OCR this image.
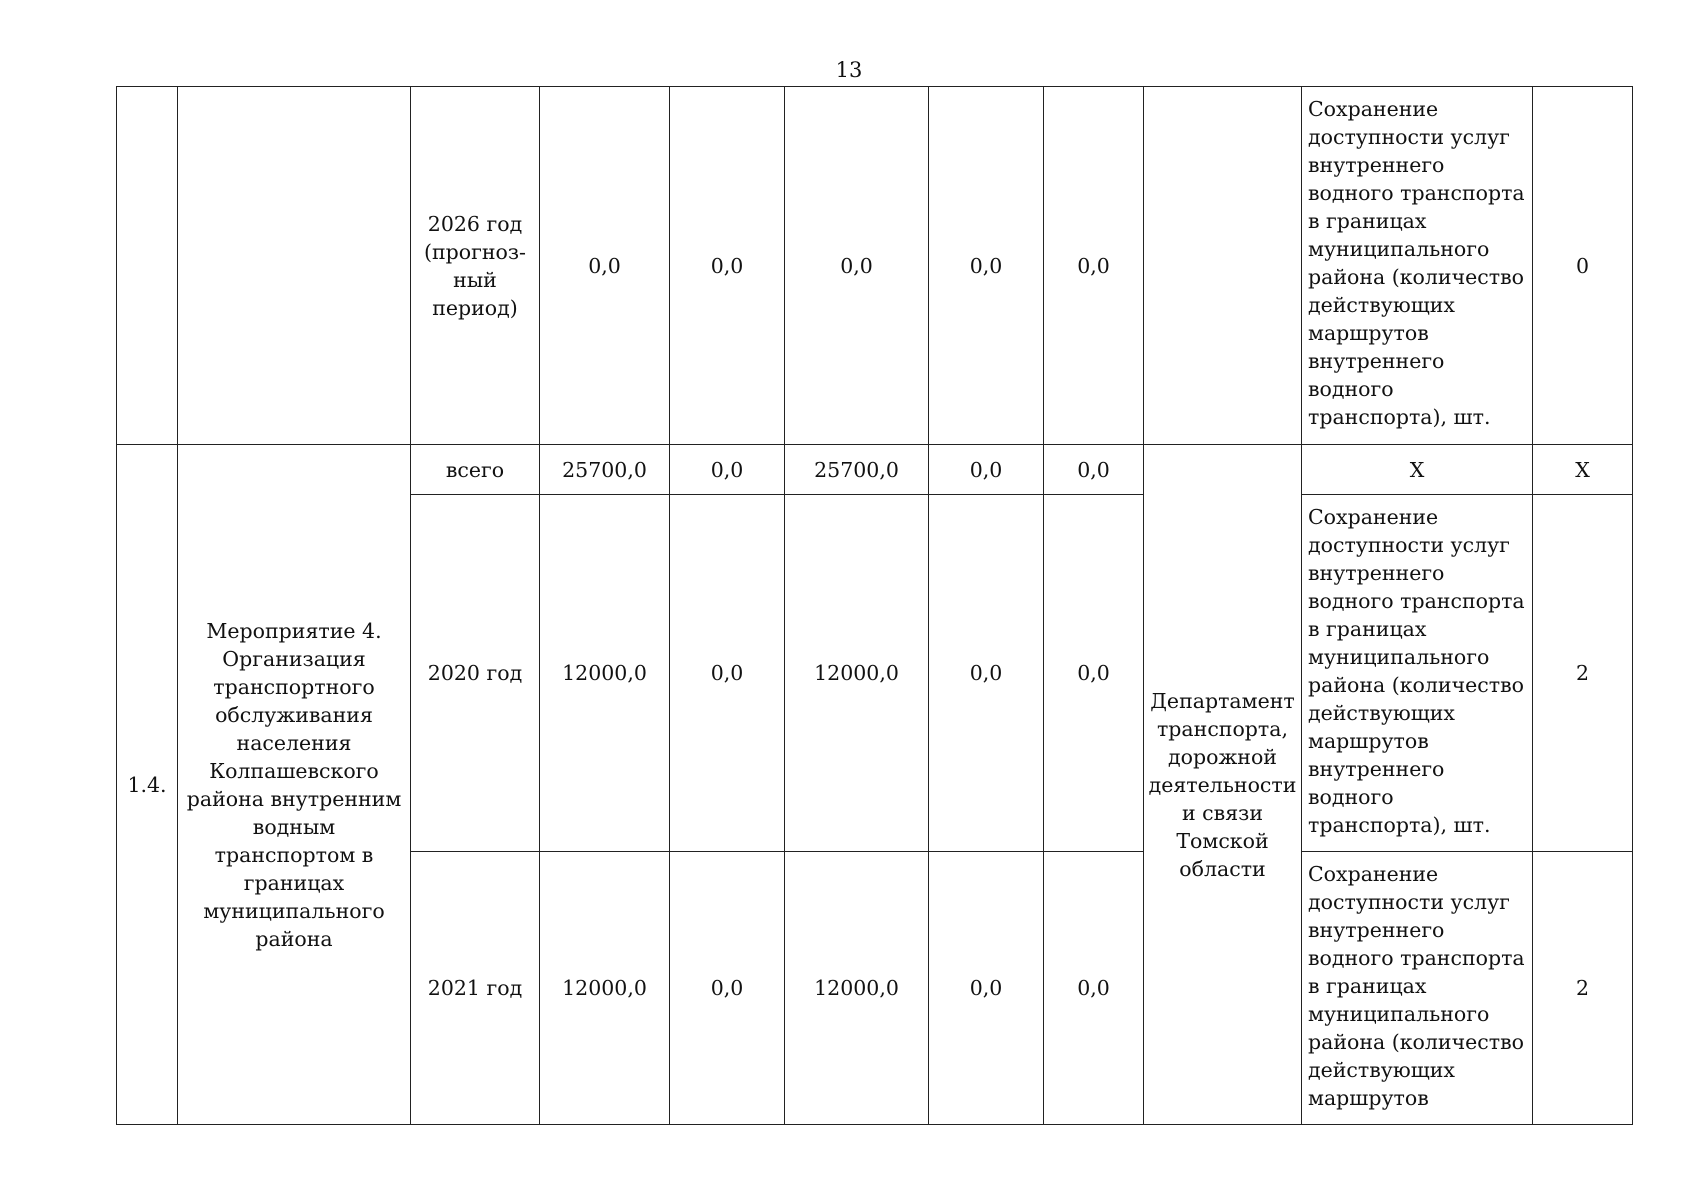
13

		2026 год (прогноз-
ный период)	0,0	0,0	0,0	0,0	0,0		Сохранение доступности услуг внутреннего водного транспорта в границах муниципального района (количество действующих маршрутов внутреннего водного транспорта), шт.	0
1.4.	Мероприятие 4. Организация транспортного обслуживания населения Колпашевского района внутренним водным транспортом в границах муниципального района	всего	25700,0	0,0	25700,0	0,0	0,0	Департамент транспорта, дорожной деятельности и связи Томской области	Х	Х
		2020 год	12000,0	0,0	12000,0	0,0	0,0		Сохранение доступности услуг внутреннего водного транспорта в границах муниципального района (количество действующих маршрутов внутреннего водного транспорта), шт.	2
		2021 год	12000,0	0,0	12000,0	0,0	0,0		Сохранение доступности услуг внутреннего водного транспорта в границах муниципального района (количество действующих маршрутов	2
